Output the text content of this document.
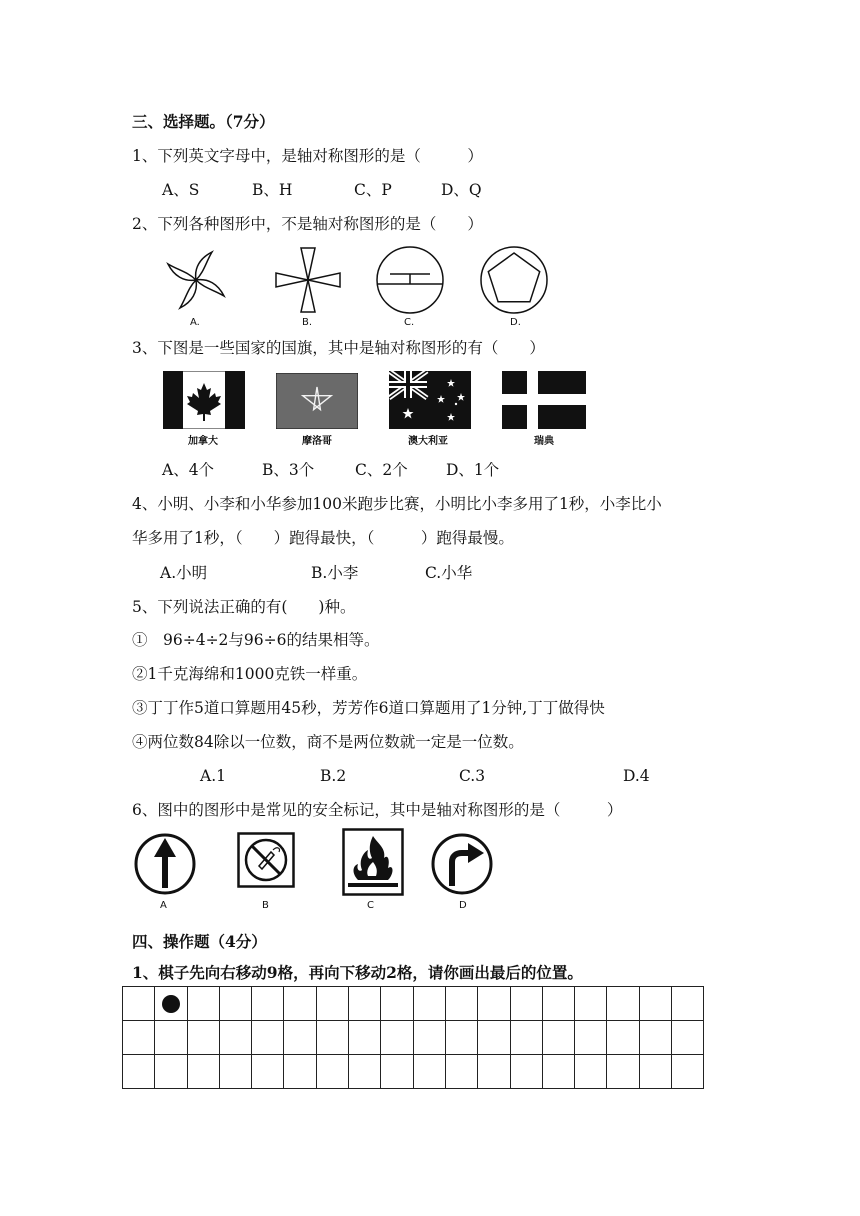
三、选择题。（7分）
1、下列英文字母中，是轴对称图形的是（　　　）
A、S	B、H	C、P	D、Q
2、下列各种图形中，不是轴对称图形的是（　　）
A.	B.	C.	D.
3、下图是一些国家的国旗，其中是轴对称图形的有（　　）
加拿大	摩洛哥	澳大利亚	瑞典
A、4个	B、3个	C、2个 D、1个
4、小明、小李和小华参加100米跑步比赛，小明比小李多用了1秒，小李比小
华多用了1秒，（　　）跑得最快，（　　　）跑得最慢。
A.小明	B.小李	C.小华
5、下列说法正确的有(　　)种。
①　96÷4÷2与96÷6的结果相等。
②1千克海绵和1000克铁一样重。
③丁丁作5道口算题用45秒，芳芳作6道口算题用了1分钟,丁丁做得快
④两位数84除以一位数，商不是两位数就一定是一位数。
A.1	B.2	C.3	D.4
6、图中的图形中是常见的安全标记，其中是轴对称图形的是（　　　）
A	B	C	D
四、操作题（4分）
1、棋子先向右移动9格，再向下移动2格，请你画出最后的位置。
